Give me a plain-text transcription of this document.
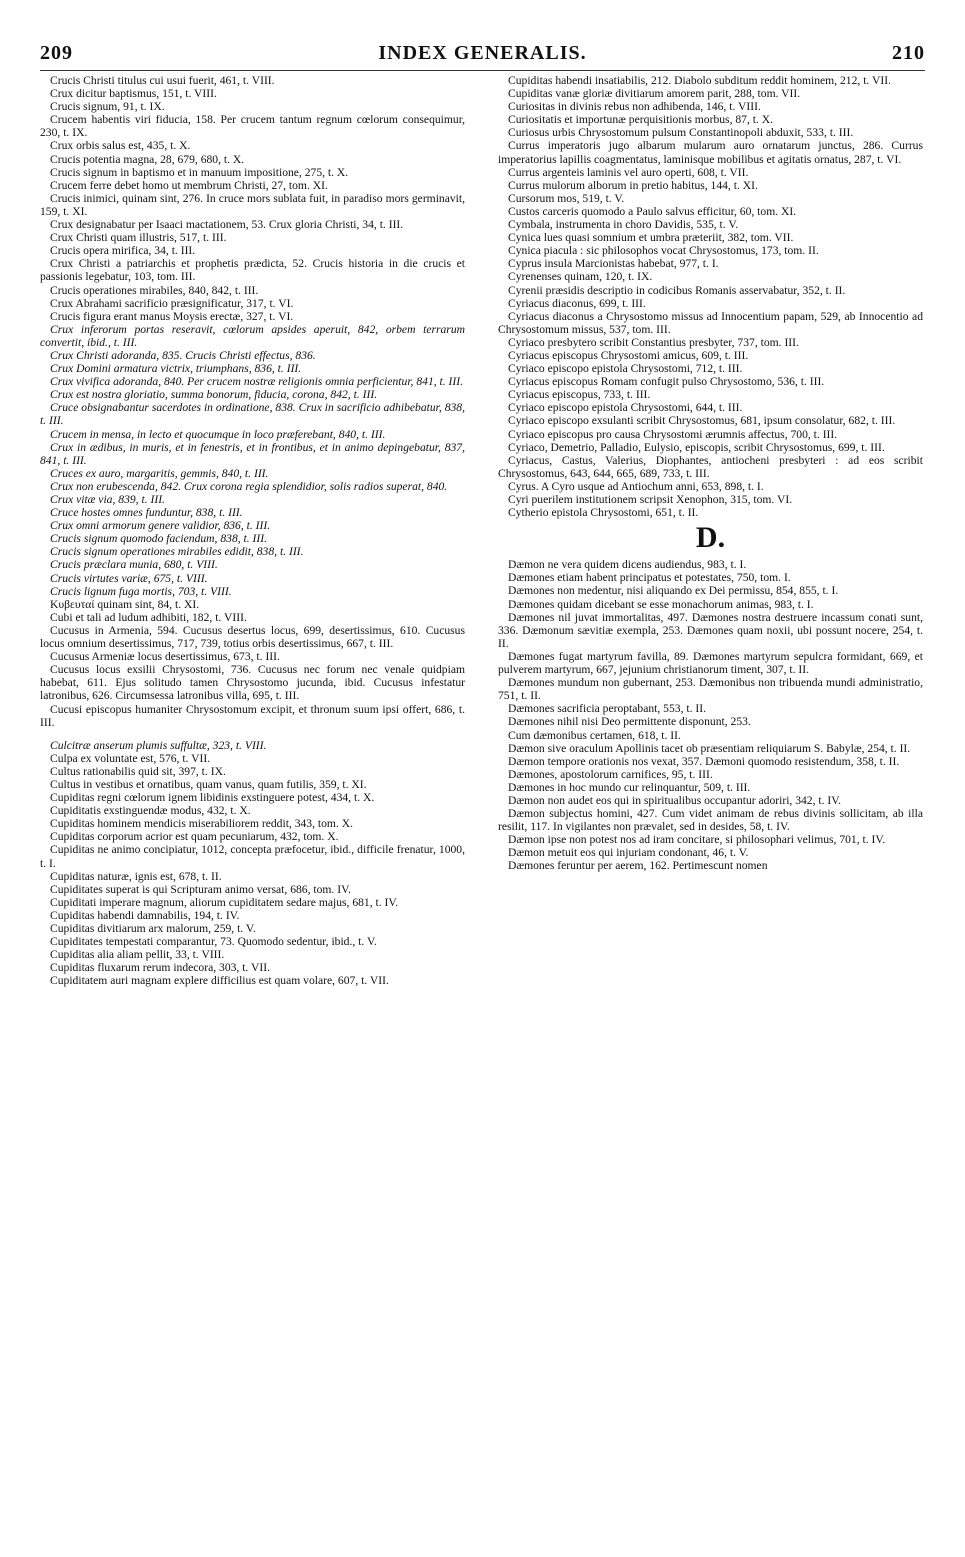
209	INDEX GENERALIS.	210

Crucis Christi titulus cui usui fuerit, 461, t. VIII.

Crux dicitur baptismus, 151, t. VIII.

Crucis signum, 91, t. IX.

Crucem habentis viri fiducia, 158. Per crucem tantum regnum cœlorum consequimur, 230, t. IX.

Crux orbis salus est, 435, t. X.

Crucis potentia magna, 28, 679, 680, t. X.

Crucis signum in baptismo et in manuum impositione, 275, t. X.

Crucem ferre debet homo ut membrum Christi, 27, tom. XI.

Crucis inimici, quinam sint, 276. In cruce mors sublata fuit, in paradiso mors germinavit, 159, t. XI.

Crux designabatur per Isaaci mactationem, 53. Crux gloria Christi, 34, t. III.

Crux Christi quam illustris, 517, t. III.

Crucis opera mirifica, 34, t. III.

Crux Christi a patriarchis et prophetis prædicta, 52. Crucis historia in die crucis et passionis legebatur, 103, tom. III.

Crucis operationes mirabiles, 840, 842, t. III.

Crux Abrahami sacrificio præsignificatur, 317, t. VI.

Crucis figura erant manus Moysis erectæ, 327, t. VI.

Crux inferorum portas reseravit, cœlorum apsides aperuit, 842, orbem terrarum convertit, ibid., t. III.

Crux Christi adoranda, 835. Crucis Christi effectus, 836.

Crux Domini armatura victrix, triumphans, 836, t. III.

Crux vivifica adoranda, 840. Per crucem nostræ religionis omnia perficientur, 841, t. III.

Crux est nostra gloriatio, summa bonorum, fiducia, corona, 842, t. III.

Cruce obsignabantur sacerdotes in ordinatione, 838. Crux in sacrificio adhibebatur, 838, t. III.

Crucem in mensa, in lecto et quocumque in loco præferebant, 840, t. III.

Crux in ædibus, in muris, et in fenestris, et in frontibus, et in animo depingebatur, 837, 841, t. III.

Cruces ex auro, margaritis, gemmis, 840, t. III.

Crux non erubescenda, 842. Crux corona regia splendidior, solis radios superat, 840.

Crux vitæ via, 839, t. III.

Cruce hostes omnes funduntur, 838, t. III.

Crux omni armorum genere validior, 836, t. III.

Crucis signum quomodo faciendum, 838, t. III.

Crucis signum operationes mirabiles edidit, 838, t. III.

Crucis præclara munia, 680, t. VIII.

Crucis virtutes variæ, 675, t. VIII.

Crucis lignum fuga mortis, 703, t. VIII.

Κυβευταί quinam sint, 84, t. XI.

Cubi et tali ad ludum adhibiti, 182, t. VIII.

Cucusus in Armenia, 594. Cucusus desertus locus, 699, desertissimus, 610. Cucusus locus omnium desertissimus, 717, 739, totius orbis desertissimus, 667, t. III.

Cucusus Armeniæ locus desertissimus, 673, t. III.

Cucusus locus exsilii Chrysostomi, 736. Cucusus nec forum nec venale quidpiam habebat, 611. Ejus solitudo tamen Chrysostomo jucunda, ibid. Cucusus infestatur latronibus, 626. Circumsessa latronibus villa, 695, t. III.

Cucusi episcopus humaniter Chrysostomum excipit, et thronum suum ipsi offert, 686, t. III.

Culcitræ anserum plumis suffultæ, 323, t. VIII.

Culpa ex voluntate est, 576, t. VII.

Cultus rationabilis quid sit, 397, t. IX.

Cultus in vestibus et ornatibus, quam vanus, quam futilis, 359, t. XI.

Cupiditas regni cœlorum ignem libidinis exstinguere potest, 434, t. X.

Cupiditatis exstinguendæ modus, 432, t. X.

Cupiditas hominem mendicis miserabiliorem reddit, 343, tom. X.

Cupiditas corporum acrior est quam pecuniarum, 432, tom. X.

Cupiditas ne animo concipiatur, 1012, concepta præfocetur, ibid., difficile frenatur, 1000, t. I.

Cupiditas naturæ, ignis est, 678, t. II.

Cupiditates superat is qui Scripturam animo versat, 686, tom. IV.

Cupiditati imperare magnum, aliorum cupiditatem sedare majus, 681, t. IV.

Cupiditas habendi damnabilis, 194, t. IV.

Cupiditas divitiarum arx malorum, 259, t. V.

Cupiditates tempestati comparantur, 73. Quomodo sedentur, ibid., t. V.

Cupiditas alia aliam pellit, 33, t. VIII.

Cupiditas fluxarum rerum indecora, 303, t. VII.

Cupiditatem auri magnam explere difficilius est quam volare, 607, t. VII.

Cupiditas habendi insatiabilis, 212. Diabolo subditum reddit hominem, 212, t. VII.

Cupiditas vanæ gloriæ divitiarum amorem parit, 288, tom. VII.

Curiositas in divinis rebus non adhibenda, 146, t. VIII.

Curiositatis et importunæ perquisitionis morbus, 87, t. X.

Curiosus urbis Chrysostomum pulsum Constantinopoli abduxit, 533, t. III.

Currus imperatoris jugo albarum mularum auro ornatarum junctus, 286. Currus imperatorius lapillis coagmentatus, laminisque mobilibus et agitatis ornatus, 287, t. VI.

Currus argenteis laminis vel auro operti, 608, t. VII.

Currus mulorum alborum in pretio habitus, 144, t. XI.

Cursorum mos, 519, t. V.

Custos carceris quomodo a Paulo salvus efficitur, 60, tom. XI.

Cymbala, instrumenta in choro Davidis, 535, t. V.

Cynica lues quasi somnium et umbra præteriit, 382, tom. VII.

Cynica piacula : sic philosophos vocat Chrysostomus, 173, tom. II.

Cyprus insula Marcionistas habebat, 977, t. I.

Cyrenenses quinam, 120, t. IX.

Cyrenii præsidis descriptio in codicibus Romanis asservabatur, 352, t. II.

Cyriacus diaconus, 699, t. III.

Cyriacus diaconus a Chrysostomo missus ad Innocentium papam, 529, ab Innocentio ad Chrysostomum missus, 537, tom. III.

Cyriaco presbytero scribit Constantius presbyter, 737, tom. III.

Cyriacus episcopus Chrysostomi amicus, 609, t. III.

Cyriaco episcopo epistola Chrysostomi, 712, t. III.

Cyriacus episcopus Romam confugit pulso Chrysostomo, 536, t. III.

Cyriacus episcopus, 733, t. III.

Cyriaco episcopo epistola Chrysostomi, 644, t. III.

Cyriaco episcopo exsulanti scribit Chrysostomus, 681, ipsum consolatur, 682, t. III.

Cyriaco episcopus pro causa Chrysostomi ærumnis affectus, 700, t. III.

Cyriaco, Demetrio, Palladio, Eulysio, episcopis, scribit Chrysostomus, 699, t. III.

Cyriacus, Castus, Valerius, Diophantes, antiocheni presbyteri : ad eos scribit Chrysostomus, 643, 644, 665, 689, 733, t. III.

Cyrus. A Cyro usque ad Antiochum anni, 653, 898, t. I.

Cyri puerilem institutionem scripsit Xenophon, 315, tom. VI.

Cytherio epistola Chrysostomi, 651, t. II.

D.

Dæmon ne vera quidem dicens audiendus, 983, t. I.

Dæmones etiam habent principatus et potestates, 750, tom. I.

Dæmones non medentur, nisi aliquando ex Dei permissu, 854, 855, t. I.

Dæmones quidam dicebant se esse monachorum animas, 983, t. I.

Dæmones nil juvat immortalitas, 497. Dæmones nostra destruere incassum conati sunt, 336. Dæmonum sævitiæ exempla, 253. Dæmones quam noxii, ubi possunt nocere, 254, t. II.

Dæmones fugat martyrum favilla, 89. Dæmones martyrum sepulcra formidant, 669, et pulverem martyrum, 667, jejunium christianorum timent, 307, t. II.

Dæmones mundum non gubernant, 253. Dæmonibus non tribuenda mundi administratio, 751, t. II.

Dæmones sacrificia peroptabant, 553, t. II.

Dæmones nihil nisi Deo permittente disponunt, 253.

Cum dæmonibus certamen, 618, t. II.

Dæmon sive oraculum Apollinis tacet ob præsentiam reliquiarum S. Babylæ, 254, t. II.

Dæmon tempore orationis nos vexat, 357. Dæmoni quomodo resistendum, 358, t. II.

Dæmones, apostolorum carnifices, 95, t. III.

Dæmones in hoc mundo cur relinquantur, 509, t. III.

Dæmon non audet eos qui in spiritualibus occupantur adoriri, 342, t. IV.

Dæmon subjectus homini, 427. Cum videt animam de rebus divinis sollicitam, ab illa resilit, 117. In vigilantes non prævalet, sed in desides, 58, t. IV.

Dæmon ipse non potest nos ad iram concitare, si philosophari velimus, 701, t. IV.

Dæmon metuit eos qui injuriam condonant, 46, t. V.

Dæmones feruntur per aerem, 162. Pertimescunt nomen
